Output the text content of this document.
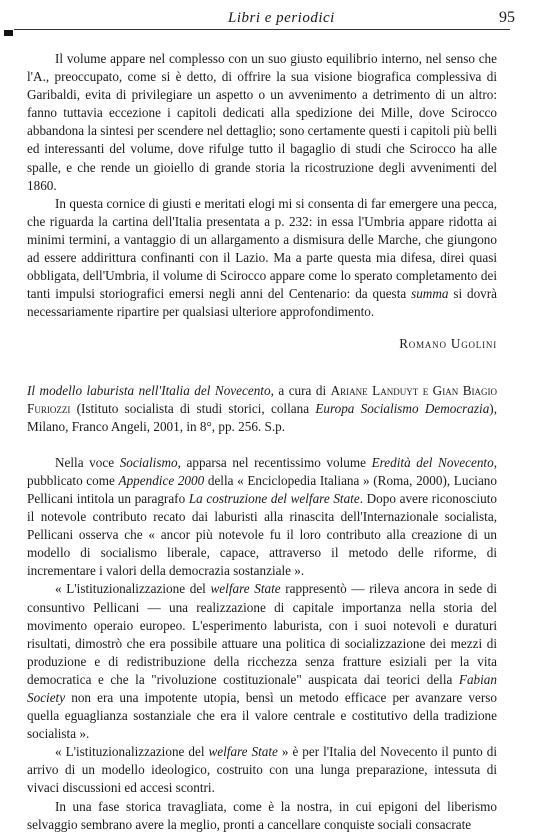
Libri e periodici	95

Il volume appare nel complesso con un suo giusto equilibrio interno, nel senso che l'A., preoccupato, come si è detto, di offrire la sua visione biografica complessiva di Garibaldi, evita di privilegiare un aspetto o un avvenimento a detrimento di un altro: fanno tuttavia eccezione i capitoli dedicati alla spedizione dei Mille, dove Scirocco abbandona la sintesi per scendere nel dettaglio; sono certamente questi i capitoli più belli ed interessanti del volume, dove rifulge tutto il bagaglio di studi che Scirocco ha alle spalle, e che rende un gioiello di grande storia la ricostruzione degli avvenimenti del 1860.

In questa cornice di giusti e meritati elogi mi si consenta di far emergere una pecca, che riguarda la cartina dell'Italia presentata a p. 232: in essa l'Umbria appare ridotta ai minimi termini, a vantaggio di un allargamento a dismisura delle Marche, che giungono ad essere addirittura confinanti con il Lazio. Ma a parte questa mia difesa, direi quasi obbligata, dell'Umbria, il volume di Scirocco appare come lo sperato completamento dei tanti impulsi storiografici emersi negli anni del Centenario: da questa summa si dovrà necessariamente ripartire per qualsiasi ulteriore approfondimento.

Romano Ugolini

Il modello laburista nell'Italia del Novecento, a cura di Ariane Landuyt e Gian Biagio Furiozzi (Istituto socialista di studi storici, collana Europa Socialismo Democrazia), Milano, Franco Angeli, 2001, in 8°, pp. 256. S.p.

Nella voce Socialismo, apparsa nel recentissimo volume Eredità del Novecento, pubblicato come Appendice 2000 della « Enciclopedia Italiana » (Roma, 2000), Luciano Pellicani intitola un paragrafo La costruzione del welfare State. Dopo avere riconosciuto il notevole contributo recato dai laburisti alla rinascita dell'Internazionale socialista, Pellicani osserva che « ancor più notevole fu il loro contributo alla creazione di un modello di socialismo liberale, capace, attraverso il metodo delle riforme, di incrementare i valori della democrazia sostanziale ».

« L'istituzionalizzazione del welfare State rappresentò — rileva ancora in sede di consuntivo Pellicani — una realizzazione di capitale importanza nella storia del movimento operaio europeo. L'esperimento laburista, con i suoi notevoli e duraturi risultati, dimostrò che era possibile attuare una politica di socializzazione dei mezzi di produzione e di redistribuzione della ricchezza senza fratture esiziali per la vita democratica e che la "rivoluzione costituzionale" auspicata dai teorici della Fabian Society non era una impotente utopia, bensì un metodo efficace per avanzare verso quella eguaglianza sostanziale che era il valore centrale e costitutivo della tradizione socialista ».

« L'istituzionalizzazione del welfare State » è per l'Italia del Novecento il punto di arrivo di un modello ideologico, costruito con una lunga preparazione, intessuta di vivaci discussioni ed accesi scontri.

In una fase storica travagliata, come è la nostra, in cui epigoni del liberismo selvaggio sembrano avere la meglio, pronti a cancellare conquiste sociali consacrate
